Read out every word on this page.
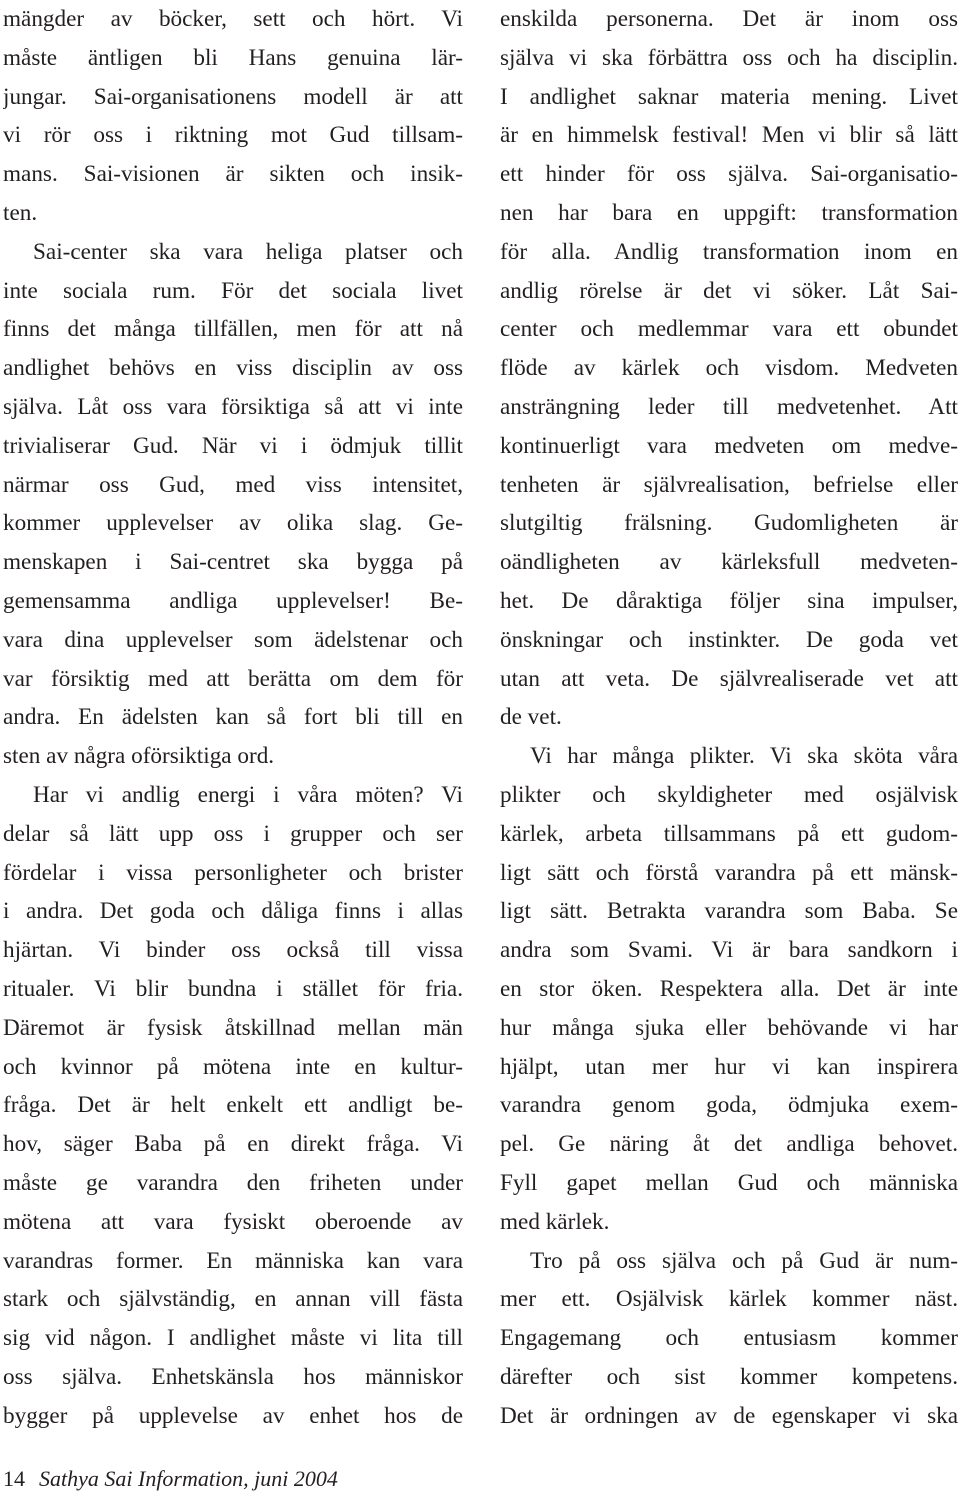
mängder av böcker, sett och hört. Vi
måste äntligen bli Hans genuina lär-
jungar. Sai-organisationens modell är att
vi rör oss i riktning mot Gud tillsam-
mans. Sai-visionen är sikten och insik-
ten.
Sai-center ska vara heliga platser och
inte sociala rum. För det sociala livet
finns det många tillfällen, men för att nå
andlighet behövs en viss disciplin av oss
själva. Låt oss vara försiktiga så att vi inte
trivialiserar Gud. När vi i ödmjuk tillit
närmar oss Gud, med viss intensitet,
kommer upplevelser av olika slag. Ge-
menskapen i Sai-centret ska bygga på
gemensamma andliga upplevelser! Be-
vara dina upplevelser som ädelstenar och
var försiktig med att berätta om dem för
andra. En ädelsten kan så fort bli till en
sten av några oförsiktiga ord.
Har vi andlig energi i våra möten? Vi
delar så lätt upp oss i grupper och ser
fördelar i vissa personligheter och brister
i andra. Det goda och dåliga finns i allas
hjärtan. Vi binder oss också till vissa
ritualer. Vi blir bundna i stället för fria.
Däremot är fysisk åtskillnad mellan män
och kvinnor på mötena inte en kultur-
fråga. Det är helt enkelt ett andligt be-
hov, säger Baba på en direkt fråga. Vi
måste ge varandra den friheten under
mötena att vara fysiskt oberoende av
varandras former. En människa kan vara
stark och självständig, en annan vill fästa
sig vid någon. I andlighet måste vi lita till
oss själva. Enhetskänsla hos människor
bygger på upplevelse av enhet hos de
enskilda personerna. Det är inom oss
själva vi ska förbättra oss och ha disciplin.
I andlighet saknar materia mening. Livet
är en himmelsk festival! Men vi blir så lätt
ett hinder för oss själva. Sai-organisatio-
nen har bara en uppgift: transformation
för alla. Andlig transformation inom en
andlig rörelse är det vi söker. Låt Sai-
center och medlemmar vara ett obundet
flöde av kärlek och visdom. Medveten
ansträngning leder till medvetenhet. Att
kontinuerligt vara medveten om medve-
tenheten är självrealisation, befrielse eller
slutgiltig frälsning. Gudomligheten är
oändligheten av kärleksfull medveten-
het. De dåraktiga följer sina impulser,
önskningar och instinkter. De goda vet
utan att veta. De självrealiserade vet att
de vet.
Vi har många plikter. Vi ska sköta våra
plikter och skyldigheter med osjälvisk
kärlek, arbeta tillsammans på ett gudom-
ligt sätt och förstå varandra på ett mänsk-
ligt sätt. Betrakta varandra som Baba. Se
andra som Svami. Vi är bara sandkorn i
en stor öken. Respektera alla. Det är inte
hur många sjuka eller behövande vi har
hjälpt, utan mer hur vi kan inspirera
varandra genom goda, ödmjuka exem-
pel. Ge näring åt det andliga behovet.
Fyll gapet mellan Gud och människa
med kärlek.
Tro på oss själva och på Gud är num-
mer ett. Osjälvisk kärlek kommer näst.
Engagemang och entusiasm kommer
därefter och sist kommer kompetens.
Det är ordningen av de egenskaper vi ska
14 Sathya Sai Information, juni 2004
